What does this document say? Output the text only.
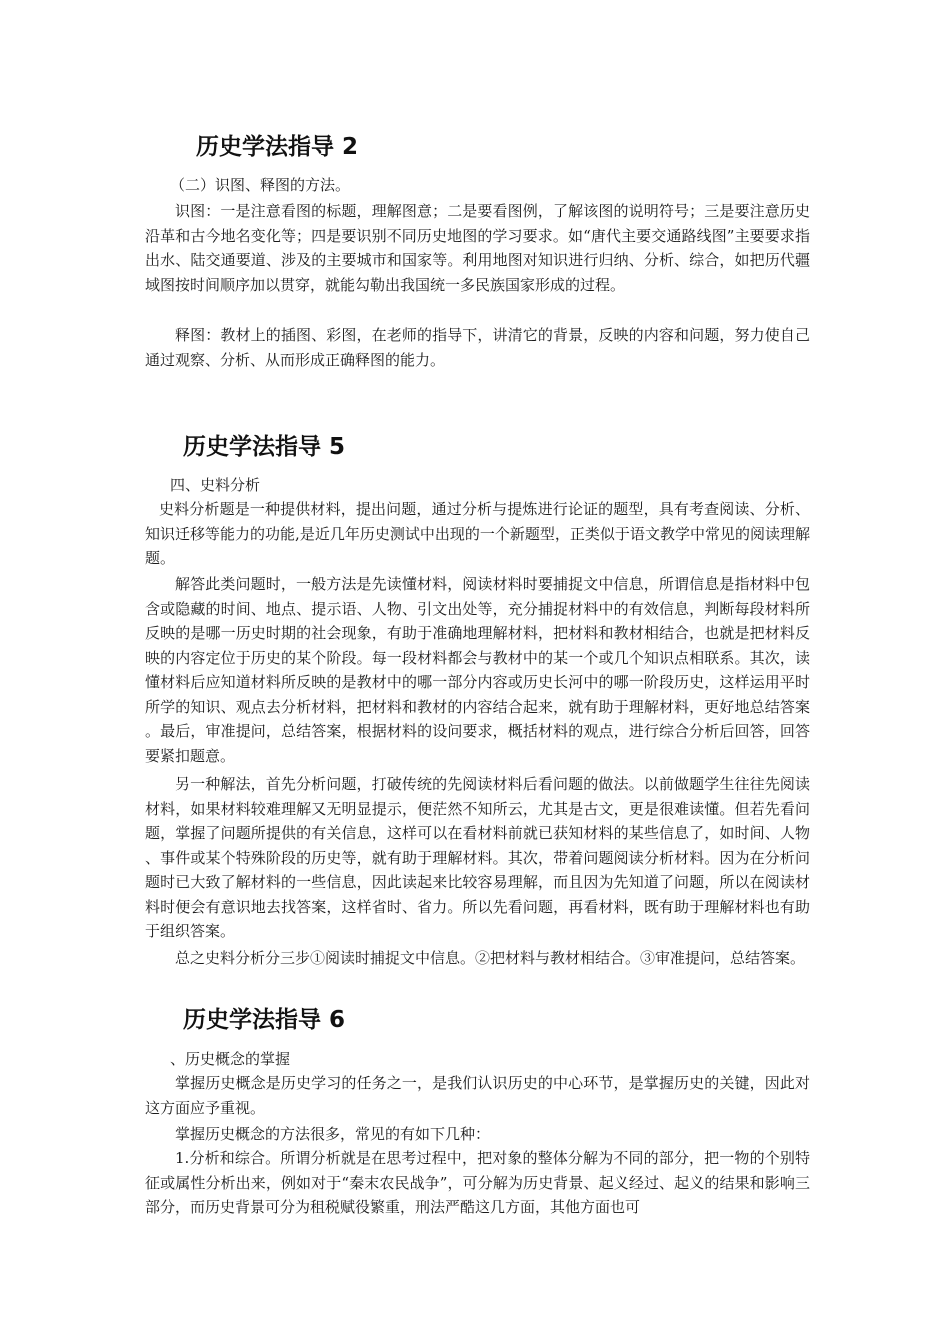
历史学法指导 2

（二）识图、释图的方法。

识图：一是注意看图的标题，理解图意；二是要看图例，了解该图的说明符号；三是要注意历史沿革和古今地名变化等；四是要识别不同历史地图的学习要求。如“唐代主要交通路线图”主要要求指出水、陆交通要道、涉及的主要城市和国家等。利用地图对知识进行归纳、分析、综合，如把历代疆域图按时间顺序加以贯穿，就能勾勒出我国统一多民族国家形成的过程。

释图：教材上的插图、彩图，在老师的指导下，讲清它的背景，反映的内容和问题，努力使自己通过观察、分析、从而形成正确释图的能力。

历史学法指导 5

四、史料分析

史料分析题是一种提供材料，提出问题，通过分析与提炼进行论证的题型，具有考查阅读、分析、知识迁移等能力的功能,是近几年历史测试中出现的一个新题型，正类似于语文教学中常见的阅读理解题。

解答此类问题时，一般方法是先读懂材料，阅读材料时要捕捉文中信息，所谓信息是指材料中包含或隐藏的时间、地点、提示语、人物、引文出处等，充分捕捉材料中的有效信息，判断每段材料所反映的是哪一历史时期的社会现象，有助于准确地理解材料，把材料和教材相结合，也就是把材料反映的内容定位于历史的某个阶段。每一段材料都会与教材中的某一个或几个知识点相联系。其次，读懂材料后应知道材料所反映的是教材中的哪一部分内容或历史长河中的哪一阶段历史，这样运用平时所学的知识、观点去分析材料，把材料和教材的内容结合起来，就有助于理解材料，更好地总结答案。最后，审准提问，总结答案，根据材料的设问要求，概括材料的观点，进行综合分析后回答，回答要紧扣题意。

另一种解法，首先分析问题，打破传统的先阅读材料后看问题的做法。以前做题学生往往先阅读材料，如果材料较难理解又无明显提示，便茫然不知所云，尤其是古文，更是很难读懂。但若先看问题，掌握了问题所提供的有关信息，这样可以在看材料前就已获知材料的某些信息了，如时间、人物、事件或某个特殊阶段的历史等，就有助于理解材料。其次，带着问题阅读分析材料。因为在分析问题时已大致了解材料的一些信息，因此读起来比较容易理解，而且因为先知道了问题，所以在阅读材料时便会有意识地去找答案，这样省时、省力。所以先看问题，再看材料，既有助于理解材料也有助于组织答案。

总之史料分析分三步①阅读时捕捉文中信息。②把材料与教材相结合。③审准提问，总结答案。

历史学法指导 6

、历史概念的掌握

掌握历史概念是历史学习的任务之一，是我们认识历史的中心环节，是掌握历史的关键，因此对这方面应予重视。

掌握历史概念的方法很多，常见的有如下几种：

1.分析和综合。所谓分析就是在思考过程中，把对象的整体分解为不同的部分，把一物的个别特征或属性分析出来，例如对于“秦末农民战争”，可分解为历史背景、起义经过、起义的结果和影响三部分，而历史背景可分为租税赋役繁重，刑法严酷这几方面，其他方面也可
